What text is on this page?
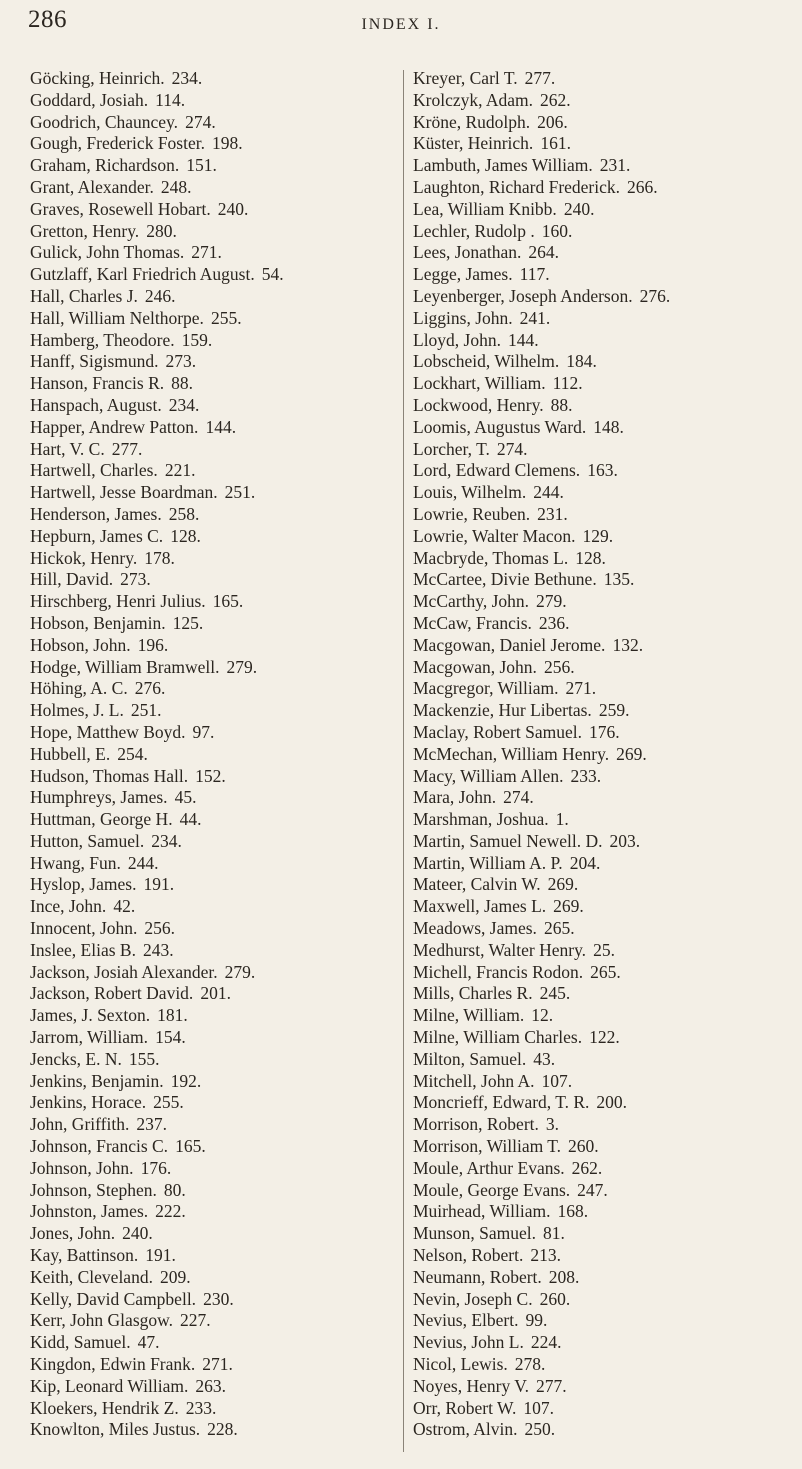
286	INDEX I.
Göcking, Heinrich. 234.
Goddard, Josiah. 114.
Goodrich, Chauncey. 274.
Gough, Frederick Foster. 198.
Graham, Richardson. 151.
Grant, Alexander. 248.
Graves, Rosewell Hobart. 240.
Gretton, Henry. 280.
Gulick, John Thomas. 271.
Gutzlaff, Karl Friedrich August. 54.
Hall, Charles J. 246.
Hall, William Nelthorpe. 255.
Hamberg, Theodore. 159.
Hanff, Sigismund. 273.
Hanson, Francis R. 88.
Hanspach, August. 234.
Happer, Andrew Patton. 144.
Hart, V. C. 277.
Hartwell, Charles. 221.
Hartwell, Jesse Boardman. 251.
Henderson, James. 258.
Hepburn, James C. 128.
Hickok, Henry. 178.
Hill, David. 273.
Hirschberg, Henri Julius. 165.
Hobson, Benjamin. 125.
Hobson, John. 196.
Hodge, William Bramwell. 279.
Höhing, A. C. 276.
Holmes, J. L. 251.
Hope, Matthew Boyd. 97.
Hubbell, E. 254.
Hudson, Thomas Hall. 152.
Humphreys, James. 45.
Huttman, George H. 44.
Hutton, Samuel. 234.
Hwang, Fun. 244.
Hyslop, James. 191.
Ince, John. 42.
Innocent, John. 256.
Inslee, Elias B. 243.
Jackson, Josiah Alexander. 279.
Jackson, Robert David. 201.
James, J. Sexton. 181.
Jarrom, William. 154.
Jencks, E. N. 155.
Jenkins, Benjamin. 192.
Jenkins, Horace. 255.
John, Griffith. 237.
Johnson, Francis C. 165.
Johnson, John. 176.
Johnson, Stephen. 80.
Johnston, James. 222.
Jones, John. 240.
Kay, Battinson. 191.
Keith, Cleveland. 209.
Kelly, David Campbell. 230.
Kerr, John Glasgow. 227.
Kidd, Samuel. 47.
Kingdon, Edwin Frank. 271.
Kip, Leonard William. 263.
Kloekers, Hendrik Z. 233.
Knowlton, Miles Justus. 228.
Kreyer, Carl T. 277.
Krolczyk, Adam. 262.
Kröne, Rudolph. 206.
Küster, Heinrich. 161.
Lambuth, James William. 231.
Laughton, Richard Frederick. 266.
Lea, William Knibb. 240.
Lechler, Rudolp . 160.
Lees, Jonathan. 264.
Legge, James. 117.
Leyenberger, Joseph Anderson. 276.
Liggins, John. 241.
Lloyd, John. 144.
Lobscheid, Wilhelm. 184.
Lockhart, William. 112.
Lockwood, Henry. 88.
Loomis, Augustus Ward. 148.
Lorcher, T. 274.
Lord, Edward Clemens. 163.
Louis, Wilhelm. 244.
Lowrie, Reuben. 231.
Lowrie, Walter Macon. 129.
Macbryde, Thomas L. 128.
McCartee, Divie Bethune. 135.
McCarthy, John. 279.
McCaw, Francis. 236.
Macgowan, Daniel Jerome. 132.
Macgowan, John. 256.
Macgregor, William. 271.
Mackenzie, Hur Libertas. 259.
Maclay, Robert Samuel. 176.
McMechan, William Henry. 269.
Macy, William Allen. 233.
Mara, John. 274.
Marshman, Joshua. 1.
Martin, Samuel Newell. D. 203.
Martin, William A. P. 204.
Mateer, Calvin W. 269.
Maxwell, James L. 269.
Meadows, James. 265.
Medhurst, Walter Henry. 25.
Michell, Francis Rodon. 265.
Mills, Charles R. 245.
Milne, William. 12.
Milne, William Charles. 122.
Milton, Samuel. 43.
Mitchell, John A. 107.
Moncrieff, Edward, T. R. 200.
Morrison, Robert. 3.
Morrison, William T. 260.
Moule, Arthur Evans. 262.
Moule, George Evans. 247.
Muirhead, William. 168.
Munson, Samuel. 81.
Nelson, Robert. 213.
Neumann, Robert. 208.
Nevin, Joseph C. 260.
Nevius, Elbert. 99.
Nevius, John L. 224.
Nicol, Lewis. 278.
Noyes, Henry V. 277.
Orr, Robert W. 107.
Ostrom, Alvin. 250.
